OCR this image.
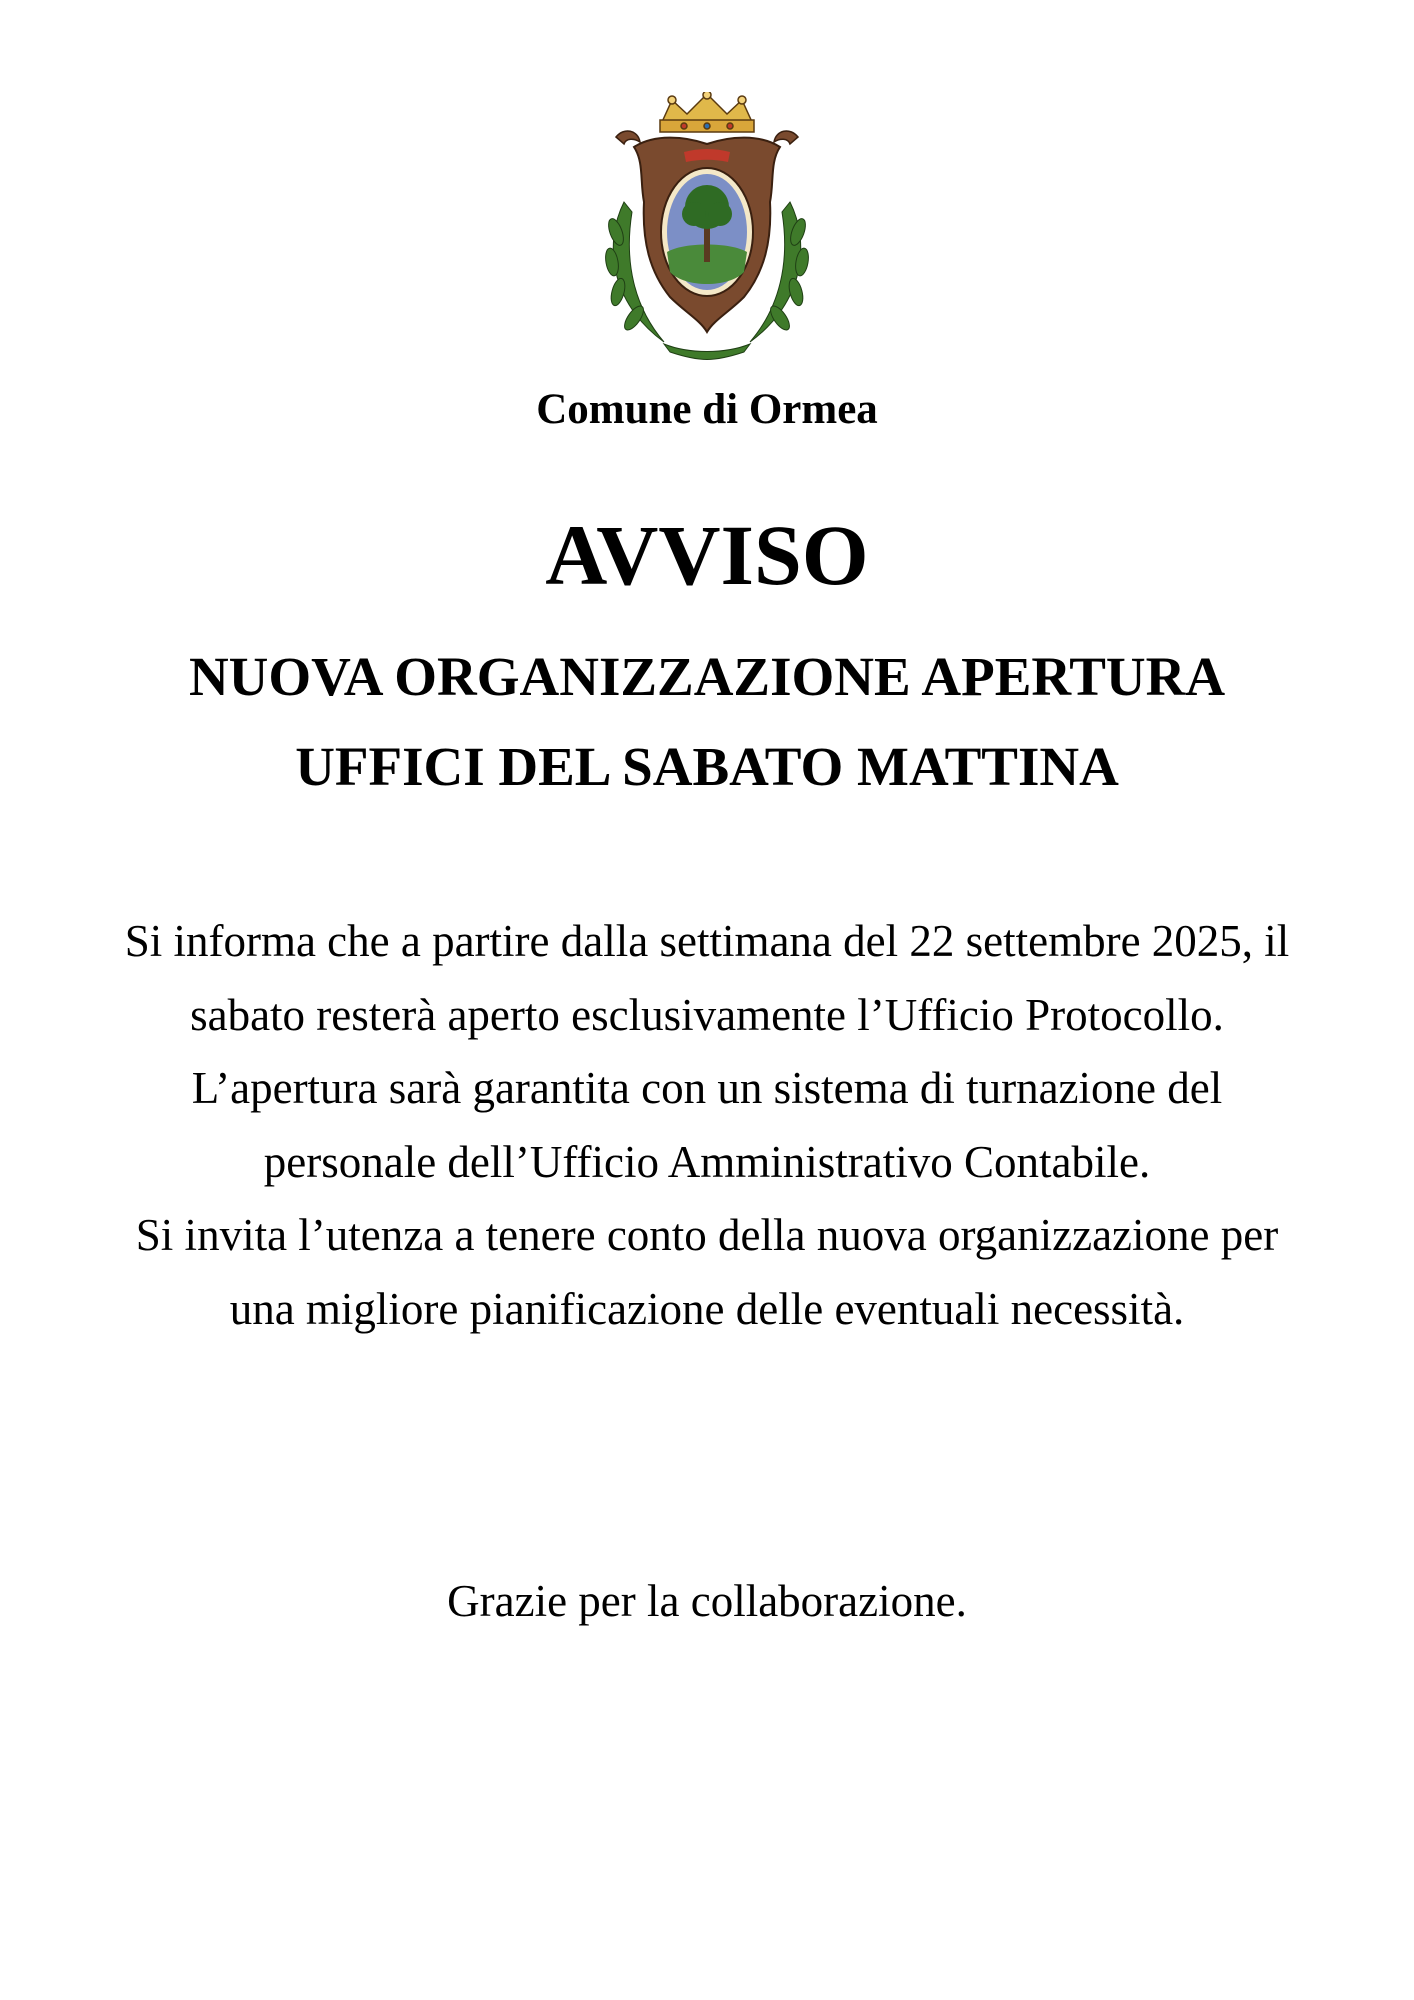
Comune di Ormea
AVVISO
NUOVA ORGANIZZAZIONE APERTURA
UFFICI DEL SABATO MATTINA
Si informa che a partire dalla settimana del 22 settembre 2025, il
sabato resterà aperto esclusivamente l’Ufficio Protocollo.
L’apertura sarà garantita con un sistema di turnazione del
personale dell’Ufficio Amministrativo Contabile.
Si invita l’utenza a tenere conto della nuova organizzazione per
una migliore pianificazione delle eventuali necessità.
Grazie per la collaborazione.
